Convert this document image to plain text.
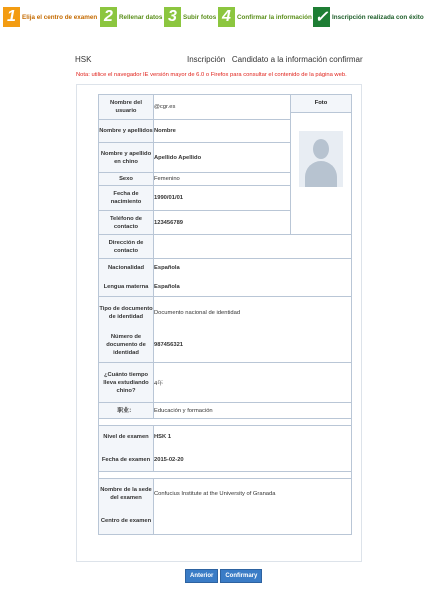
1 Elija el centro de examen 2 Rellenar datos 3 Subir fotos 4 Confirmar la información ✓ Inscripción realizada con éxito
HSK	Inscripción   Candidato a la información confirmar
Nota: utilice el navegador IE versión mayor de 6.0 o Firefox para consultar el contenido de la página web.
Nombre del usuario	@cgr.es	Foto

Nombre y apellidos	Nombre	
Nombre y apellido en chino	Apellido Apellido	
Sexo	Femenino	
Fecha de nacimiento	1990/01/01	
Teléfono de contacto	123456789	
Dirección de contacto		
Nacionalidad	Española	
Lengua materna	Española	
Tipo de documento de identidad	Documento nacional de identidad	
Número de documento de identidad	987456321	
¿Cuánto tiempo lleva estudiando chino?	4年	
职业：	Educación y formación	

Nivel de examen	HSK 1	
Fecha de examen	2015-02-20	

Nombre de la sede del examen	Confucius Institute at the University of Granada	
Centro de examen		
Anterior	Confirmary
